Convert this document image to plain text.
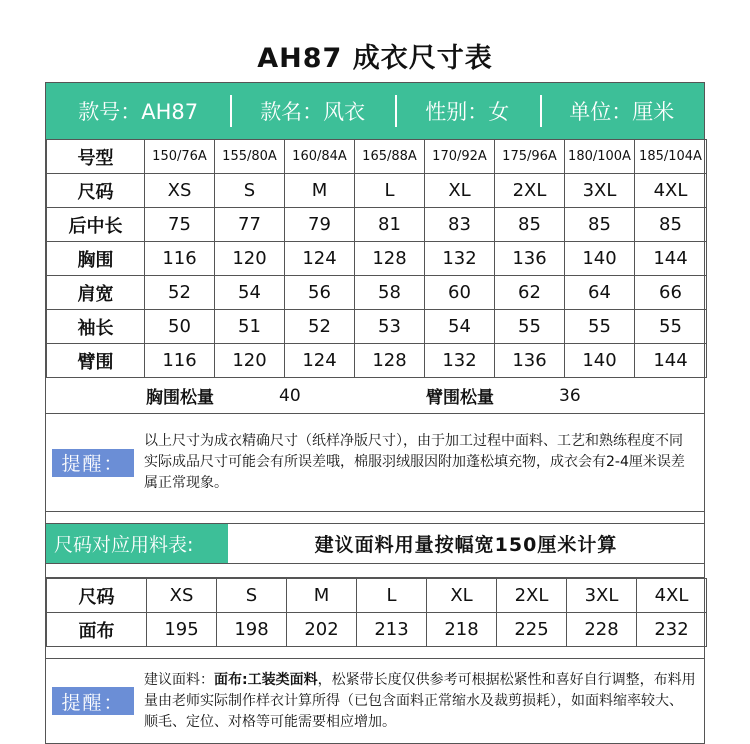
AH87 成衣尺寸表
款号：AH87	款名：风衣	性别：女	单位：厘米
号型	150/76A	155/80A	160/84A	165/88A	170/92A	175/96A	180/100A	185/104A
尺码	XS	S	M	L	XL	2XL	3XL	4XL
后中长	75	77	79	81	83	85	85	85
胸围	116	120	124	128	132	136	140	144
肩宽	52	54	56	58	60	62	64	66
袖长	50	51	52	53	54	55	55	55
臂围	116	120	124	128	132	136	140	144
胸围松量	40	臂围松量	36
提醒：
以上尺寸为成衣精确尺寸（纸样净版尺寸），由于加工过程中面料、工艺和熟练程度不同实际成品尺寸可能会有所误差哦，棉服羽绒服因附加蓬松填充物，成衣会有2-4厘米误差属正常现象。
尺码对应用料表:	建议面料用量按幅宽150厘米计算
尺码	XS	S	M	L	XL	2XL	3XL	4XL
面布	195	198	202	213	218	225	228	232
提醒：
建议面料：面布:工装类面料，松紧带长度仅供参考可根据松紧性和喜好自行调整，布料用量由老师实际制作样衣计算所得（已包含面料正常缩水及裁剪损耗），如面料缩率较大、顺毛、定位、对格等可能需要相应增加。
